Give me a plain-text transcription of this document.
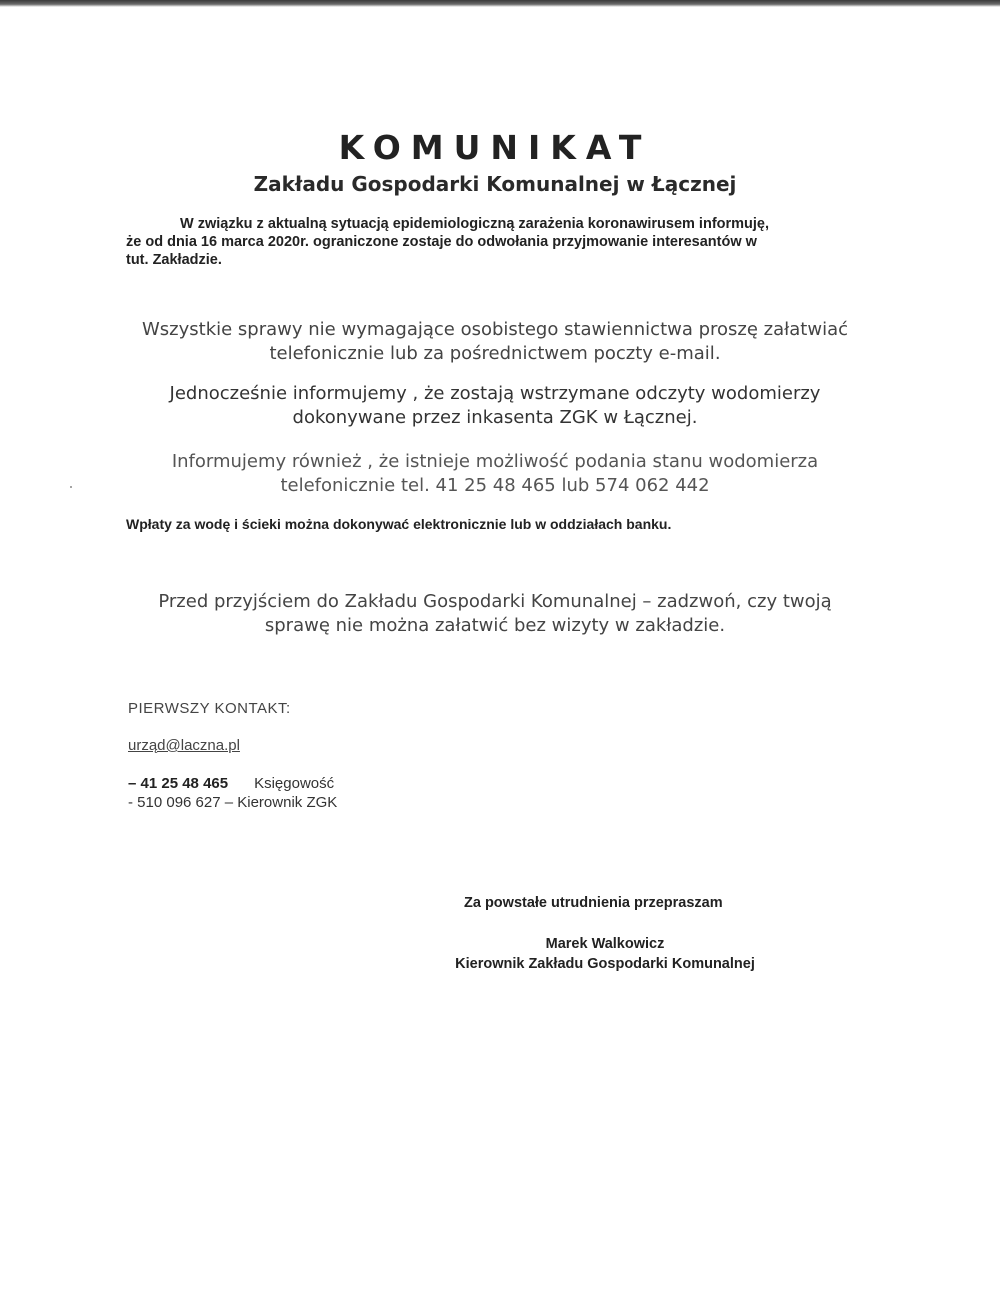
KOMUNIKAT
Zakładu Gospodarki Komunalnej w Łącznej
W związku z aktualną sytuacją epidemiologiczną zarażenia koronawirusem informuję,
że od dnia 16 marca 2020r. ograniczone zostaje do odwołania przyjmowanie interesantów w
tut. Zakładzie.
Wszystkie sprawy nie wymagające osobistego stawiennictwa proszę załatwiać
telefonicznie lub za pośrednictwem poczty e-mail.
Jednocześnie informujemy , że zostają wstrzymane odczyty wodomierzy
dokonywane przez inkasenta ZGK w Łącznej.
Informujemy również , że istnieje możliwość podania stanu wodomierza
telefonicznie tel. 41 25 48 465 lub 574 062 442
Wpłaty za wodę i ścieki można dokonywać elektronicznie lub w oddziałach banku.
Przed przyjściem do Zakładu Gospodarki Komunalnej – zadzwoń, czy twoją
sprawę nie można załatwić bez wizyty w zakładzie.
PIERWSZY KONTAKT:
urząd@laczna.pl
– 41 25 48 465 Księgowość
- 510 096 627 – Kierownik ZGK
Za powstałe utrudnienia przepraszam
Marek Walkowicz
Kierownik Zakładu Gospodarki Komunalnej
